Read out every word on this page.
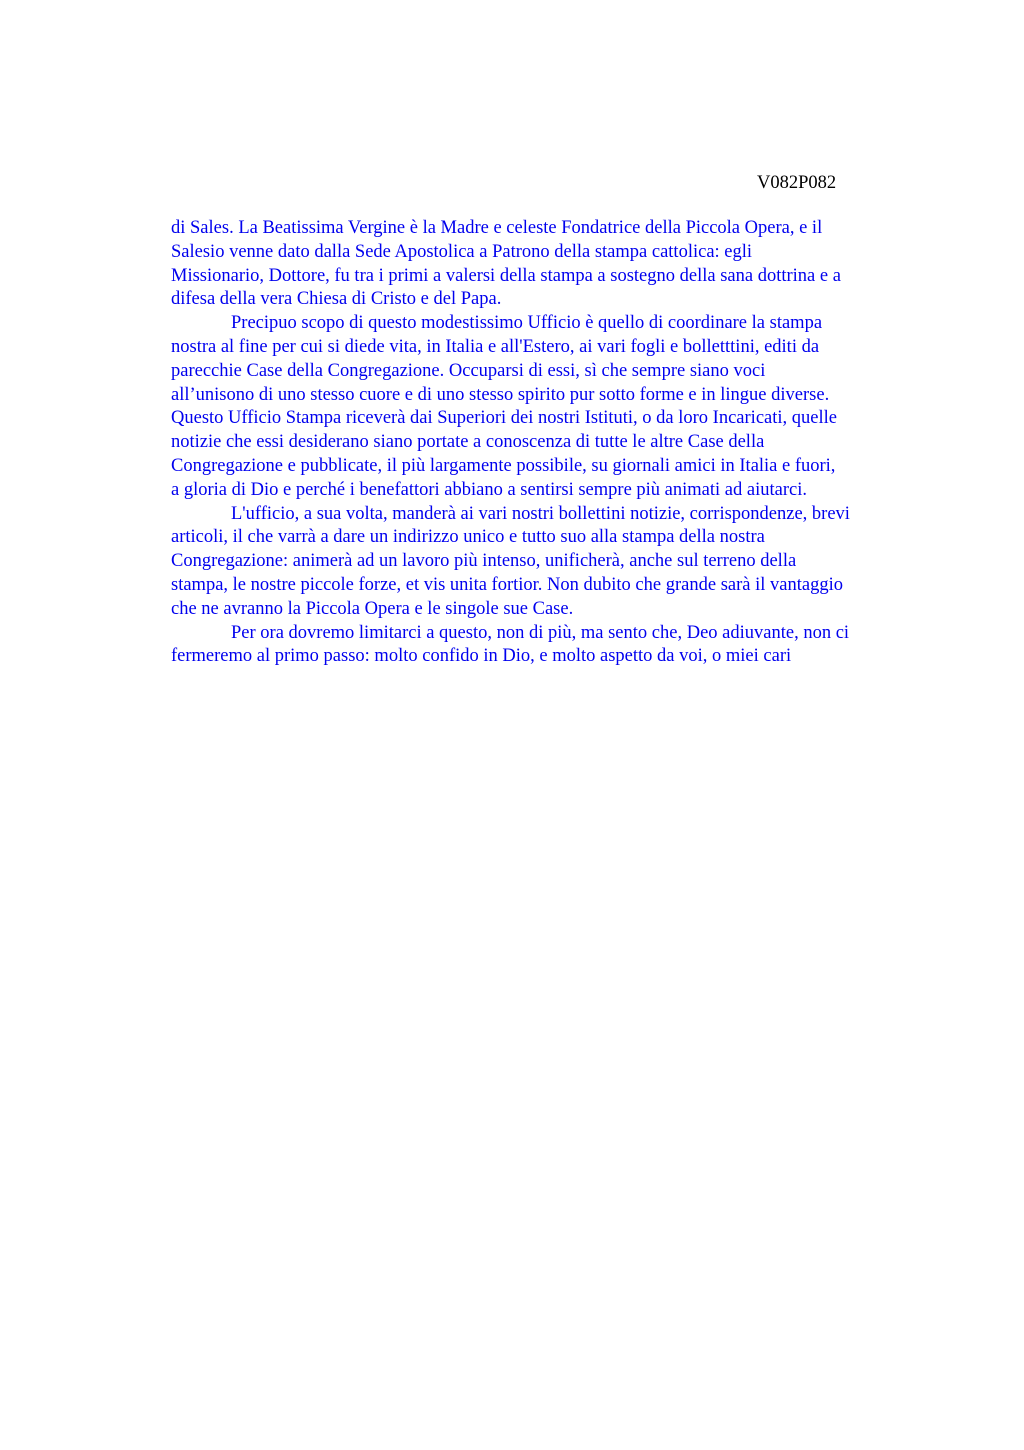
V082P082
di Sales. La Beatissima Vergine è la Madre e celeste Fondatrice della Piccola Opera, e il
Salesio venne dato dalla Sede Apostolica a Patrono della stampa cattolica: egli
Missionario, Dottore, fu tra i primi a valersi della stampa a sostegno della sana dottrina e a
difesa della vera Chiesa di Cristo e del Papa.
Precipuo scopo di questo modestissimo Ufficio è quello di coordinare la stampa
nostra al fine per cui si diede vita, in Italia e all'Estero, ai vari fogli e bolletttini, editi da
parecchie Case della Congregazione. Occuparsi di essi, sì che sempre siano voci
all’unisono di uno stesso cuore e di uno stesso spirito pur sotto forme e in lingue diverse.
Questo Ufficio Stampa riceverà dai Superiori dei nostri Istituti, o da loro Incaricati, quelle
notizie che essi desiderano siano portate a conoscenza di tutte le altre Case della
Congregazione e pubblicate, il più largamente possibile, su giornali amici in Italia e fuori,
a gloria di Dio e perché i benefattori abbiano a sentirsi sempre più animati ad aiutarci.
L'ufficio, a sua volta, manderà ai vari nostri bollettini notizie, corrispondenze, brevi
articoli, il che varrà a dare un indirizzo unico e tutto suo alla stampa della nostra
Congregazione: animerà ad un lavoro più intenso, unificherà, anche sul terreno della
stampa, le nostre piccole forze, et vis unita fortior. Non dubito che grande sarà il vantaggio
che ne avranno la Piccola Opera e le singole sue Case.
Per ora dovremo limitarci a questo, non di più, ma sento che, Deo adiuvante, non ci
fermeremo al primo passo: molto confido in Dio, e molto aspetto da voi, o miei cari
